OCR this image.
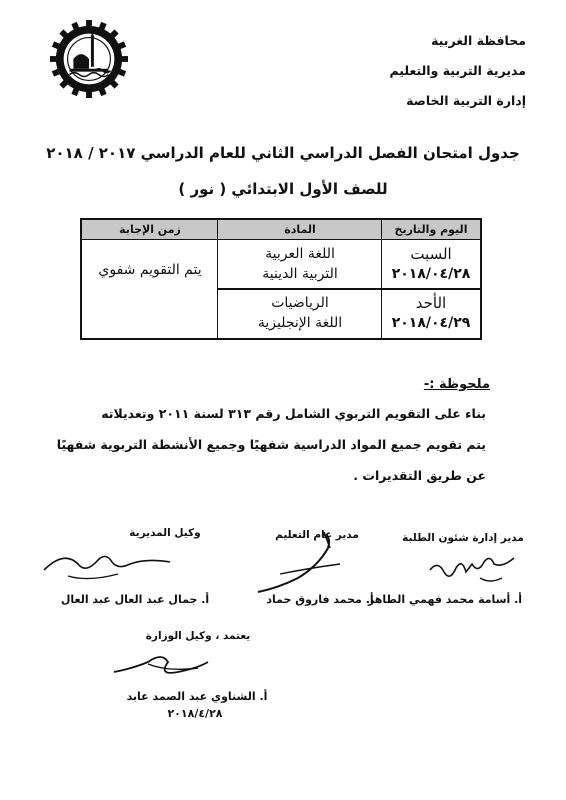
محافظة الغربية
مديرية التربية والتعليم
إدارة التربية الخاصة
جدول امتحان الفصل الدراسي الثاني للعام الدراسي ٢٠١٧ / ٢٠١٨
للصف الأول الابتدائي ( نور )
اليوم والتاريخ
المادة
زمن الإجابة
السبت
٢٠١٨/٠٤/٢٨
اللغة العربية
التربية الدينية
الأحد
٢٠١٨/٠٤/٢٩
الرياضيات
اللغة الإنجليزية
يتم التقويم شفوي
ملحوظة :-
بناء على التقويم التربوي الشامل رقم ٣١٣ لسنة ٢٠١١ وتعديلاته
يتم تقويم جميع المواد الدراسية شفهيًا وجميع الأنشطة التربوية شفهيًا
عن طريق التقديرات .
مدير إدارة شئون الطلبة
أ. أسامة محمد فهمي الطاهر
مدير عام التعليم
أ. محمد فاروق حماد
وكيل المديرية
أ. جمال عبد العال عبد العال
يعتمد ، وكيل الوزارة
أ. الشناوي عبد الصمد عابد
٢٠١٨/٤/٢٨
